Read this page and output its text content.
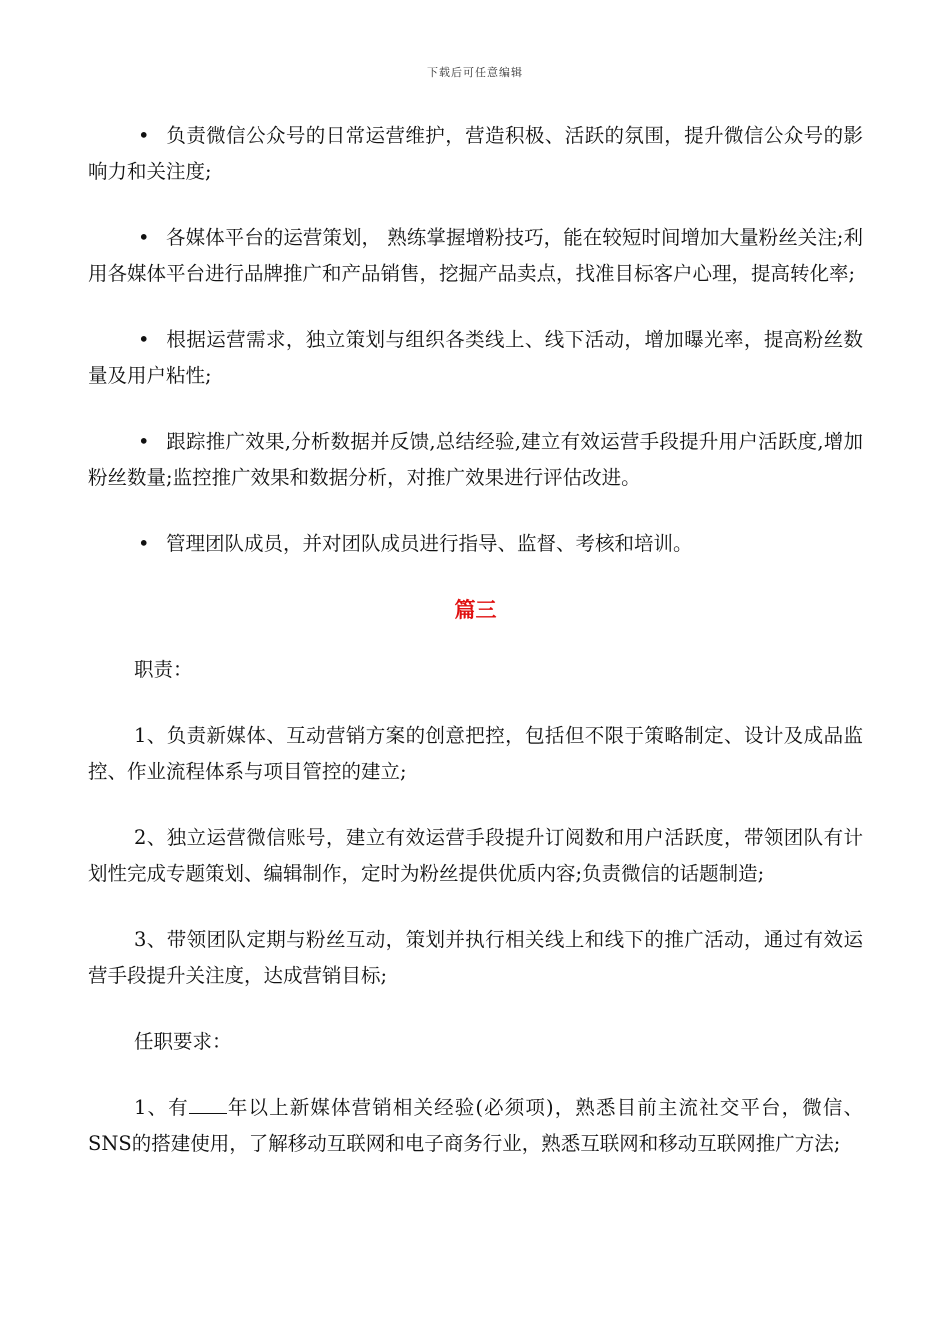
下载后可任意编辑

• 负责微信公众号的日常运营维护，营造积极、活跃的氛围，提升微信公众号的影响力和关注度;

• 各媒体平台的运营策划， 熟练掌握增粉技巧，能在较短时间增加大量粉丝关注;利用各媒体平台进行品牌推广和产品销售，挖掘产品卖点，找准目标客户心理，提高转化率;

• 根据运营需求，独立策划与组织各类线上、线下活动，增加曝光率，提高粉丝数量及用户粘性;

• 跟踪推广效果,分析数据并反馈,总结经验,建立有效运营手段提升用户活跃度,增加粉丝数量;监控推广效果和数据分析，对推广效果进行评估改进。

• 管理团队成员，并对团队成员进行指导、监督、考核和培训。

篇三

职责：

1、负责新媒体、互动营销方案的创意把控，包括但不限于策略制定、设计及成品监控、作业流程体系与项目管控的建立;

2、独立运营微信账号，建立有效运营手段提升订阅数和用户活跃度，带领团队有计划性完成专题策划、编辑制作，定时为粉丝提供优质内容;负责微信的话题制造;

3、带领团队定期与粉丝互动，策划并执行相关线上和线下的推广活动，通过有效运营手段提升关注度，达成营销目标;

任职要求：

1、有 年以上新媒体营销相关经验(必须项)，熟悉目前主流社交平台，微信、SNS的搭建使用，了解移动互联网和电子商务行业，熟悉互联网和移动互联网推广方法;
